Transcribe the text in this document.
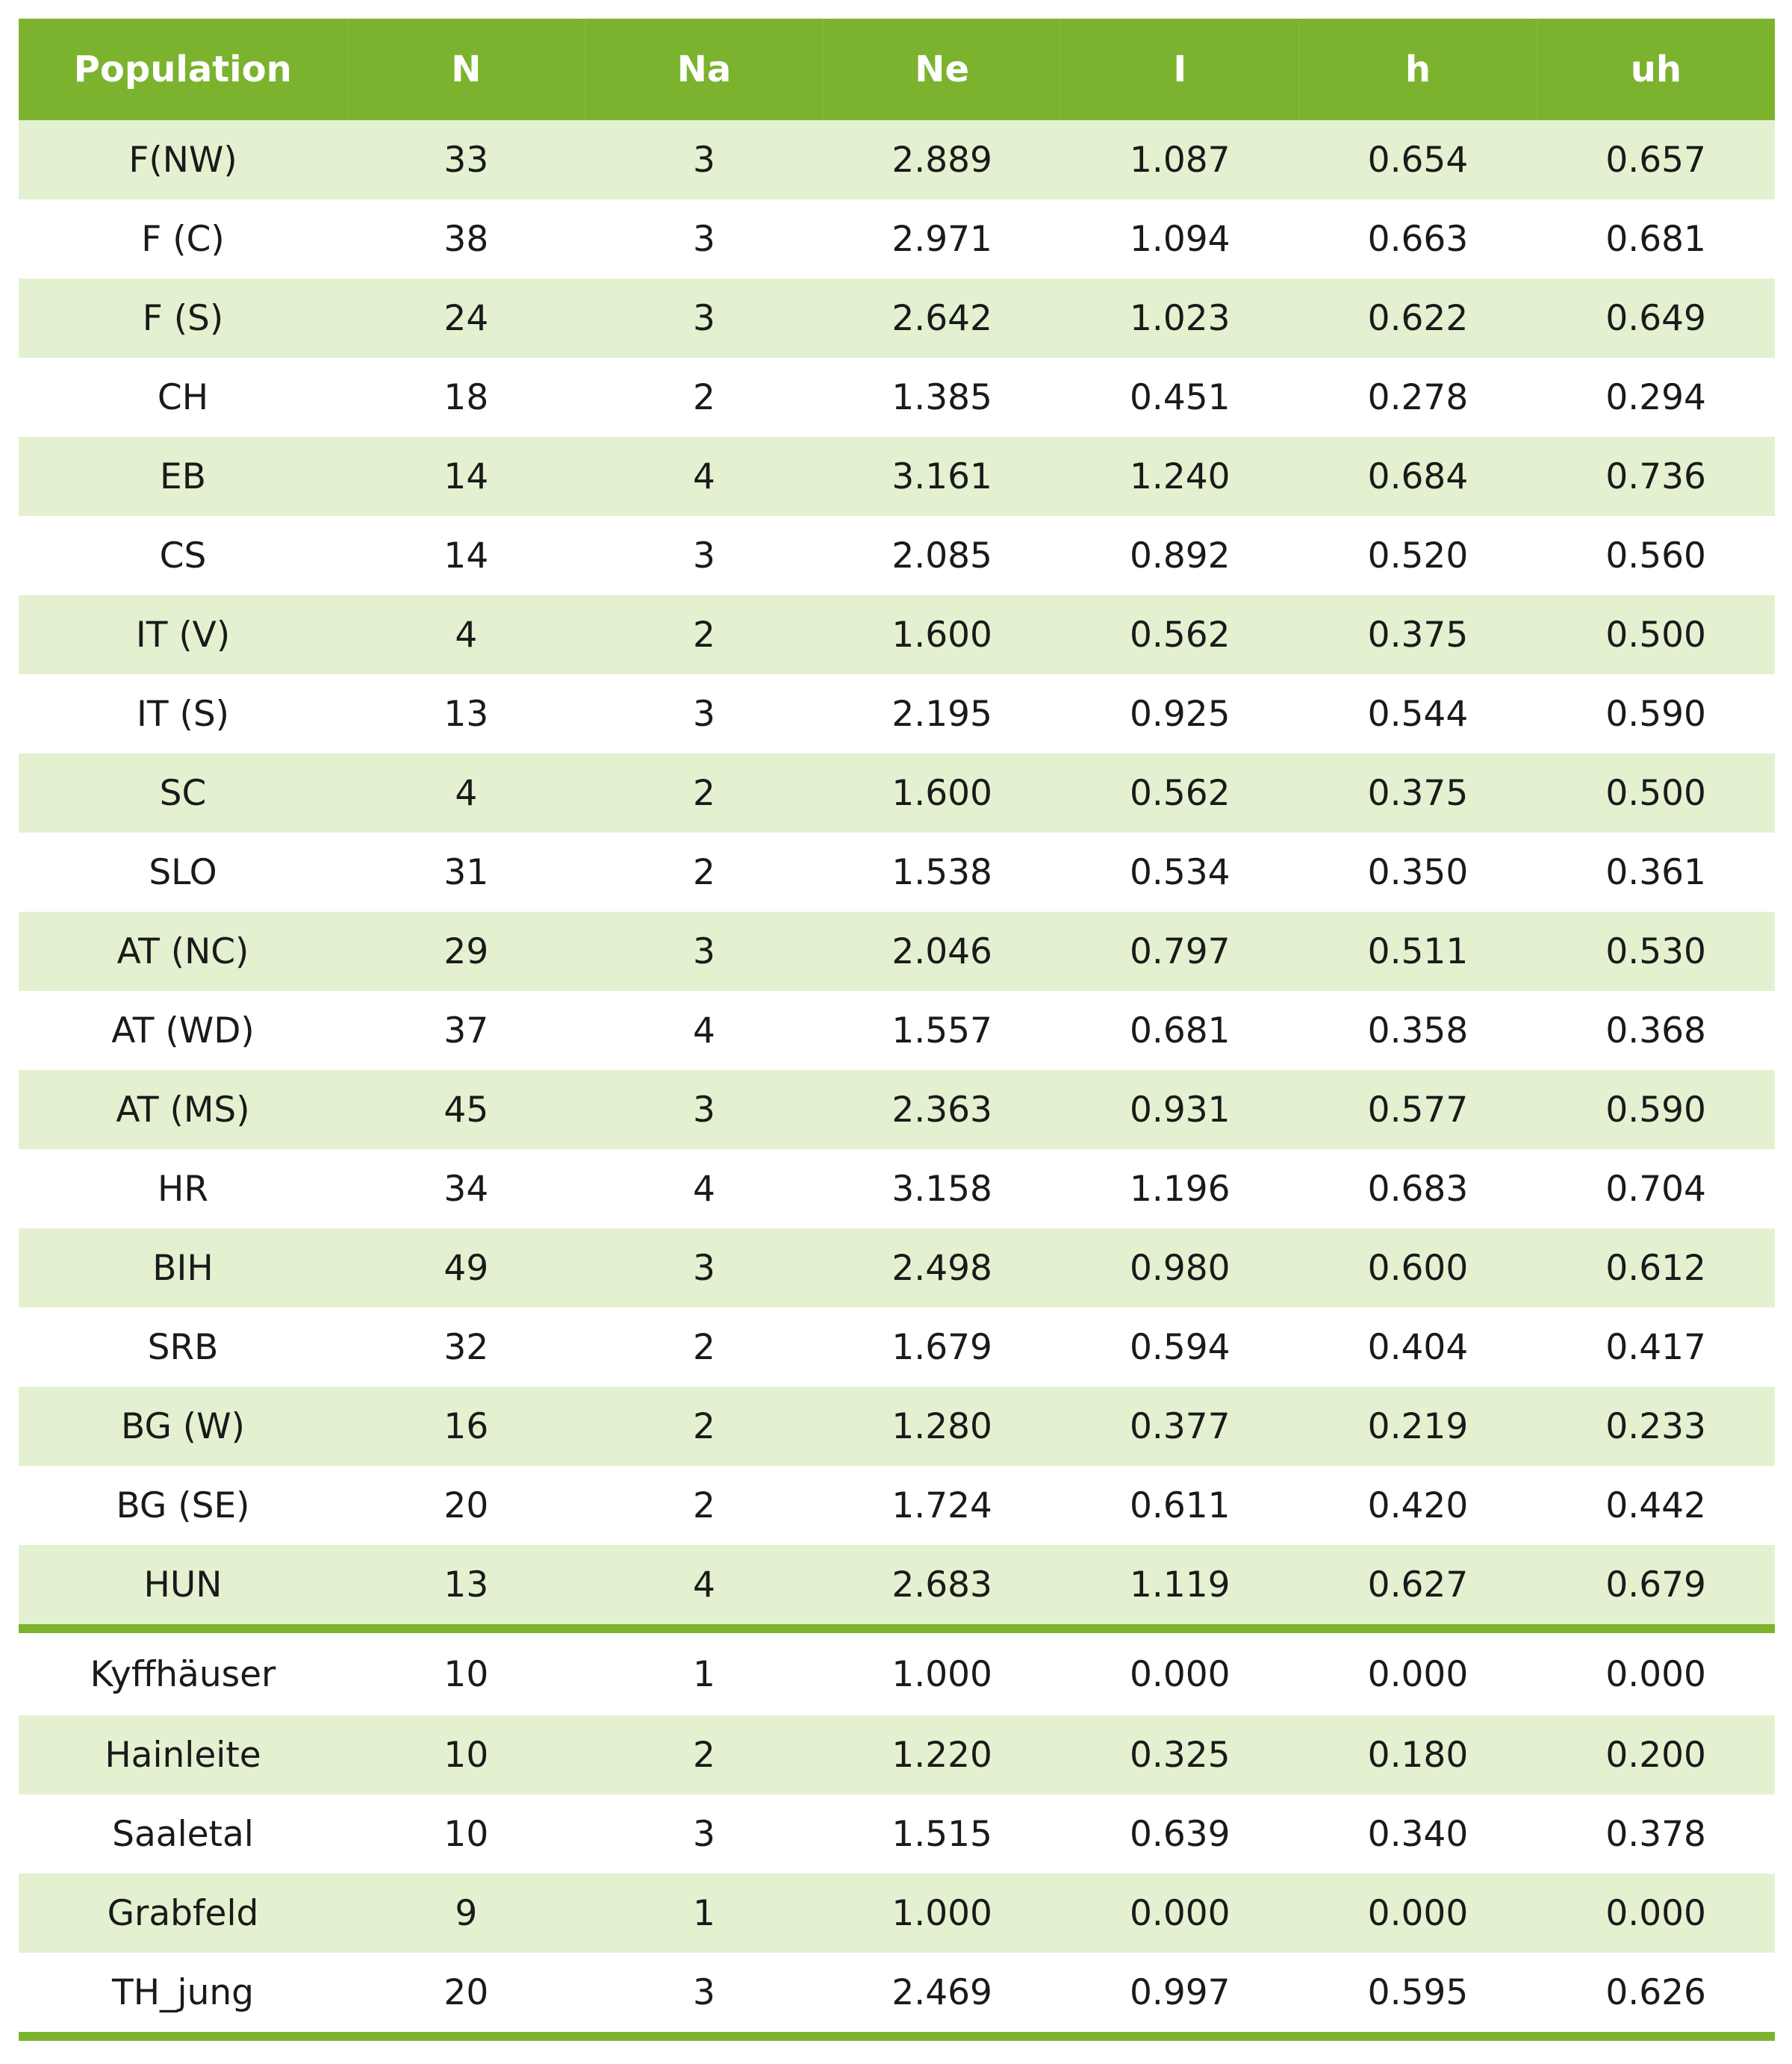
Population	N	Na	Ne	I	h	uh
F(NW)	33	3	2.889	1.087	0.654	0.657
F (C)	38	3	2.971	1.094	0.663	0.681
F (S)	24	3	2.642	1.023	0.622	0.649
CH	18	2	1.385	0.451	0.278	0.294
EB	14	4	3.161	1.240	0.684	0.736
CS	14	3	2.085	0.892	0.520	0.560
IT (V)	4	2	1.600	0.562	0.375	0.500
IT (S)	13	3	2.195	0.925	0.544	0.590
SC	4	2	1.600	0.562	0.375	0.500
SLO	31	2	1.538	0.534	0.350	0.361
AT (NC)	29	3	2.046	0.797	0.511	0.530
AT (WD)	37	4	1.557	0.681	0.358	0.368
AT (MS)	45	3	2.363	0.931	0.577	0.590
HR	34	4	3.158	1.196	0.683	0.704
BIH	49	3	2.498	0.980	0.600	0.612
SRB	32	2	1.679	0.594	0.404	0.417
BG (W)	16	2	1.280	0.377	0.219	0.233
BG (SE)	20	2	1.724	0.611	0.420	0.442
HUN	13	4	2.683	1.119	0.627	0.679

Kyffhäuser	10	1	1.000	0.000	0.000	0.000
Hainleite	10	2	1.220	0.325	0.180	0.200
Saaletal	10	3	1.515	0.639	0.340	0.378
Grabfeld	9	1	1.000	0.000	0.000	0.000
TH_jung	20	3	2.469	0.997	0.595	0.626
